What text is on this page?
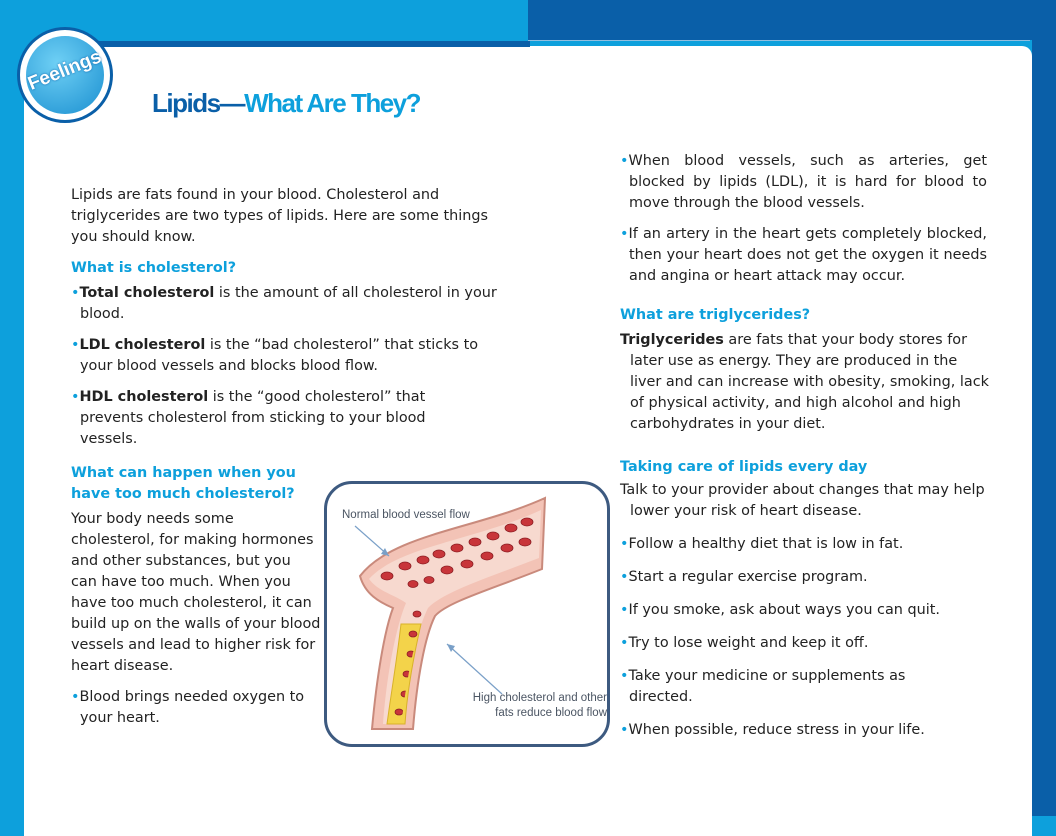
Feelings
Lipids—What Are They?

Lipids are fats found in your blood. Cholesterol and triglycerides are two types of lipids. Here are some things you should know.

What is cholesterol?
•Total cholesterol is the amount of all cholesterol in your blood.
•LDL cholesterol is the “bad cholesterol” that sticks to your blood vessels and blocks blood flow.
•HDL cholesterol is the “good cholesterol” that prevents cholesterol from sticking to your blood vessels.
What can happen when you have too much cholesterol?

Your body needs some cholesterol, for making hormones and other substances, but you can have too much. When you have too much cholesterol, it can build up on the walls of your blood vessels and lead to higher risk for heart disease.

•Blood brings needed oxygen to your heart.
Normal blood vessel flow
High cholesterol and other
fats reduce blood flow
•When blood vessels, such as arteries, get blocked by lipids (LDL), it is hard for blood to move through the blood vessels.
•If an artery in the heart gets completely blocked, then your heart does not get the oxygen it needs and angina or heart attack may occur.
What are triglycerides?

Triglycerides are fats that your body stores for later use as energy. They are produced in the liver and can increase with obesity, smoking, lack of physical activity, and high alcohol and high carbohydrates in your diet.

Taking care of lipids every day

Talk to your provider about changes that may help lower your risk of heart disease.

•Follow a healthy diet that is low in fat.
•Start a regular exercise program.
•If you smoke, ask about ways you can quit.
•Try to lose weight and keep it off.
•Take your medicine or supplements as directed.
•When possible, reduce stress in your life.
